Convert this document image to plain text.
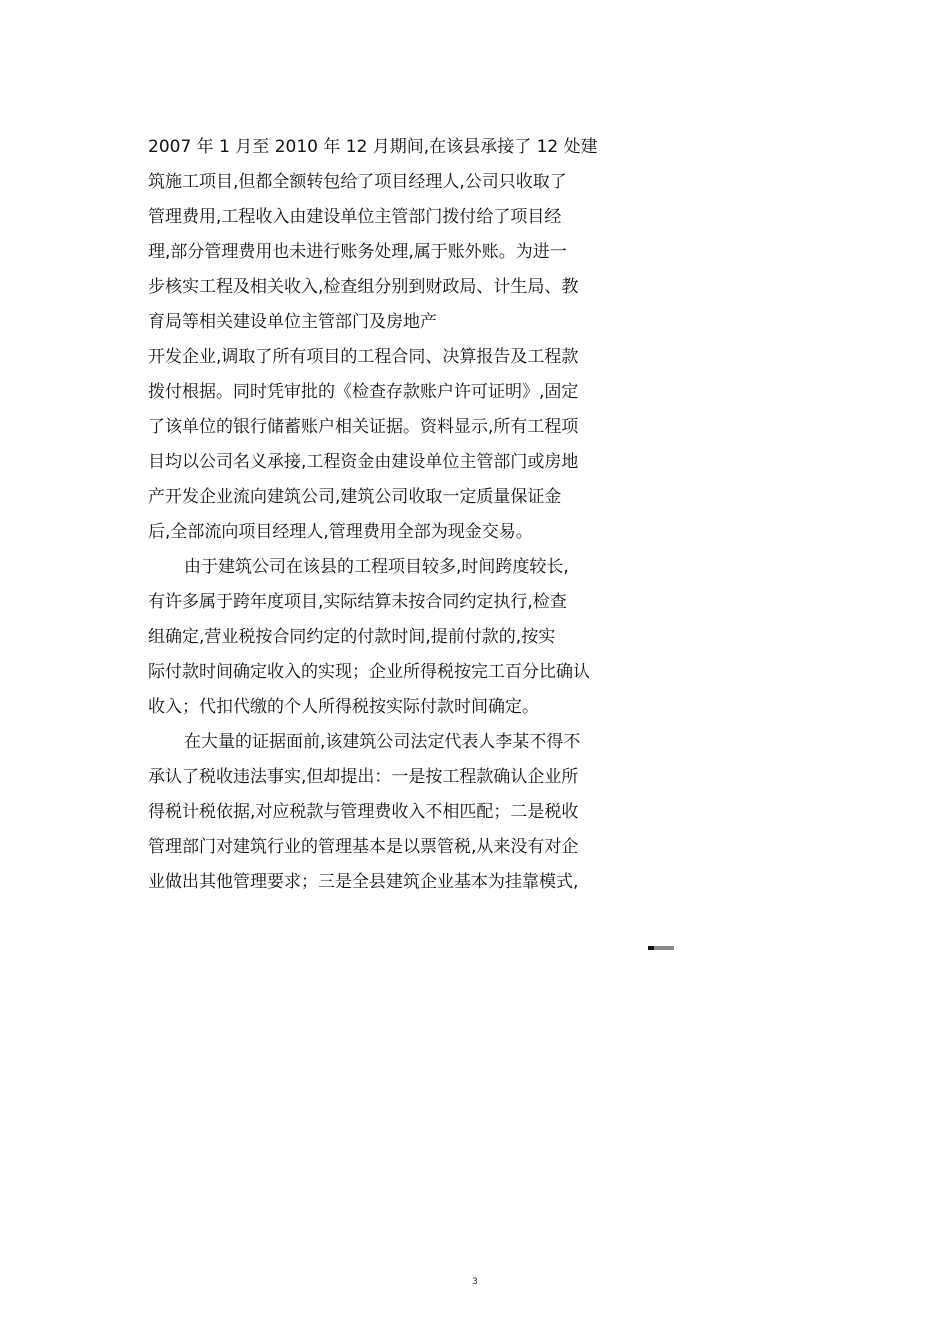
2007 年 1 月至 2010 年 12 月期间,在该县承接了 12 处建
筑施工项目,但都全额转包给了项目经理人,公司只收取了
管理费用,工程收入由建设单位主管部门拨付给了项目经
理,部分管理费用也未进行账务处理,属于账外账。为进一
步核实工程及相关收入,检查组分别到财政局、计生局、教
育局等相关建设单位主管部门及房地产
开发企业,调取了所有项目的工程合同、决算报告及工程款
拨付根据。同时凭审批的《检查存款账户许可证明》,固定
了该单位的银行储蓄账户相关证据。资料显示,所有工程项
目均以公司名义承接,工程资金由建设单位主管部门或房地
产开发企业流向建筑公司,建筑公司收取一定质量保证金
后,全部流向项目经理人,管理费用全部为现金交易。
由于建筑公司在该县的工程项目较多,时间跨度较长,
有许多属于跨年度项目,实际结算未按合同约定执行,检查
组确定,营业税按合同约定的付款时间,提前付款的,按实
际付款时间确定收入的实现；企业所得税按完工百分比确认
收入；代扣代缴的个人所得税按实际付款时间确定。
在大量的证据面前,该建筑公司法定代表人李某不得不
承认了税收违法事实,但却提出：一是按工程款确认企业所
得税计税依据,对应税款与管理费收入不相匹配；二是税收
管理部门对建筑行业的管理基本是以票管税,从来没有对企
业做出其他管理要求；三是全县建筑企业基本为挂靠模式,
3
